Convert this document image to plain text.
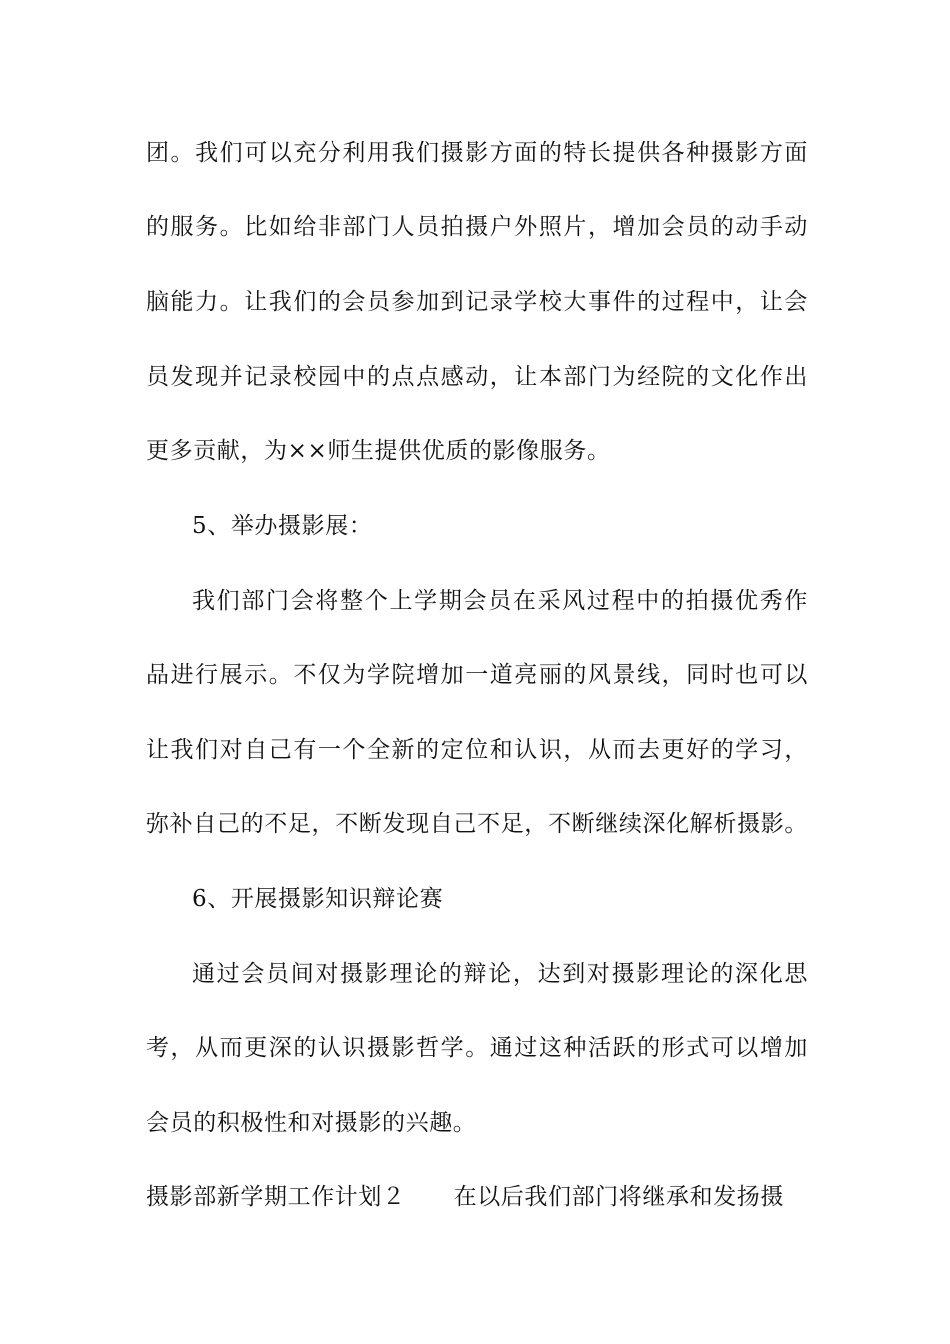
团。我们可以充分利用我们摄影方面的特长提供各种摄影方面
的服务。比如给非部门人员拍摄户外照片，增加会员的动手动
脑能力。让我们的会员参加到记录学校大事件的过程中，让会
员发现并记录校园中的点点感动，让本部门为经院的文化作出
更多贡献，为××师生提供优质的影像服务。
5、举办摄影展：
我们部门会将整个上学期会员在采风过程中的拍摄优秀作
品进行展示。不仅为学院增加一道亮丽的风景线，同时也可以
让我们对自己有一个全新的定位和认识，从而去更好的学习，
弥补自己的不足，不断发现自己不足，不断继续深化解析摄影。
6、开展摄影知识辩论赛
通过会员间对摄影理论的辩论，达到对摄影理论的深化思
考，从而更深的认识摄影哲学。通过这种活跃的形式可以增加
会员的积极性和对摄影的兴趣。
摄影部新学期工作计划２ 在以后我们部门将继承和发扬摄
